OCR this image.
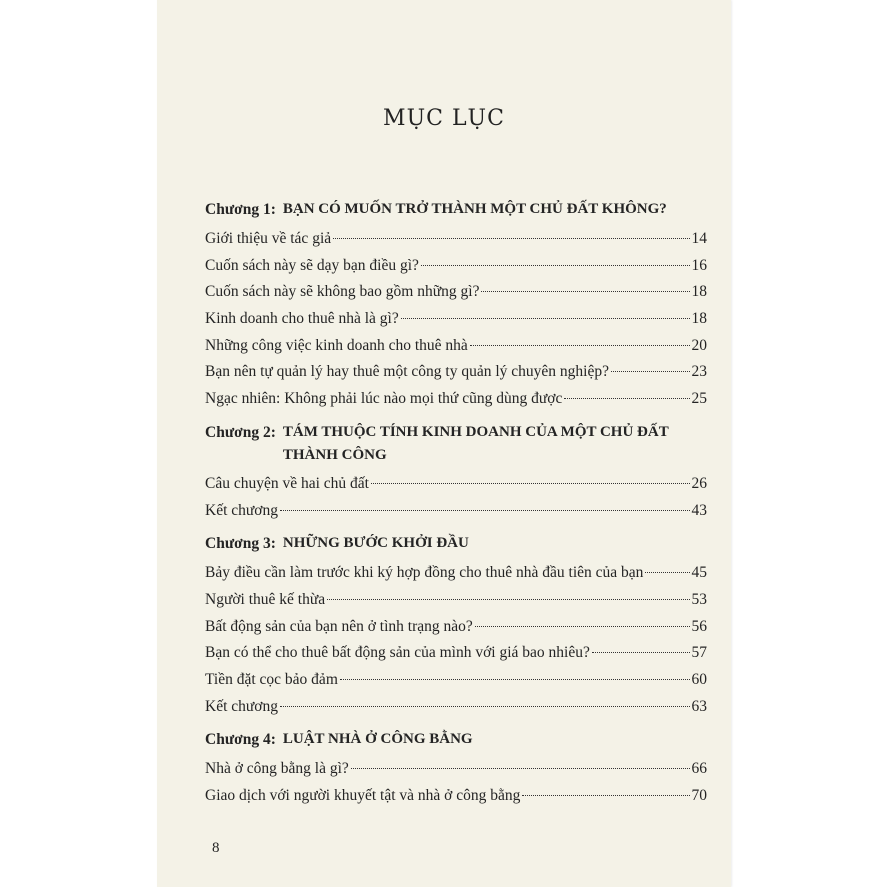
MỤC LỤC
Chương 1: BẠN CÓ MUỐN TRỞ THÀNH MỘT CHỦ ĐẤT KHÔNG?
Giới thiệu về tác giả	14
Cuốn sách này sẽ dạy bạn điều gì?	16
Cuốn sách này sẽ không bao gồm những gì?	18
Kinh doanh cho thuê nhà là gì?	18
Những công việc kinh doanh cho thuê nhà	20
Bạn nên tự quản lý hay thuê một công ty quản lý chuyên nghiệp?	23
Ngạc nhiên: Không phải lúc nào mọi thứ cũng dùng được	25
Chương 2: TÁM THUỘC TÍNH KINH DOANH CỦA MỘT CHỦ ĐẤT THÀNH CÔNG
Câu chuyện về hai chủ đất	26
Kết chương	43
Chương 3: NHỮNG BƯỚC KHỞI ĐẦU
Bảy điều cần làm trước khi ký hợp đồng cho thuê nhà đầu tiên của bạn	45
Người thuê kế thừa	53
Bất động sản của bạn nên ở tình trạng nào?	56
Bạn có thể cho thuê bất động sản của mình với giá bao nhiêu?	57
Tiền đặt cọc bảo đảm	60
Kết chương	63
Chương 4: LUẬT NHÀ Ở CÔNG BẰNG
Nhà ở công bằng là gì?	66
Giao dịch với người khuyết tật và nhà ở công bằng	70
8
